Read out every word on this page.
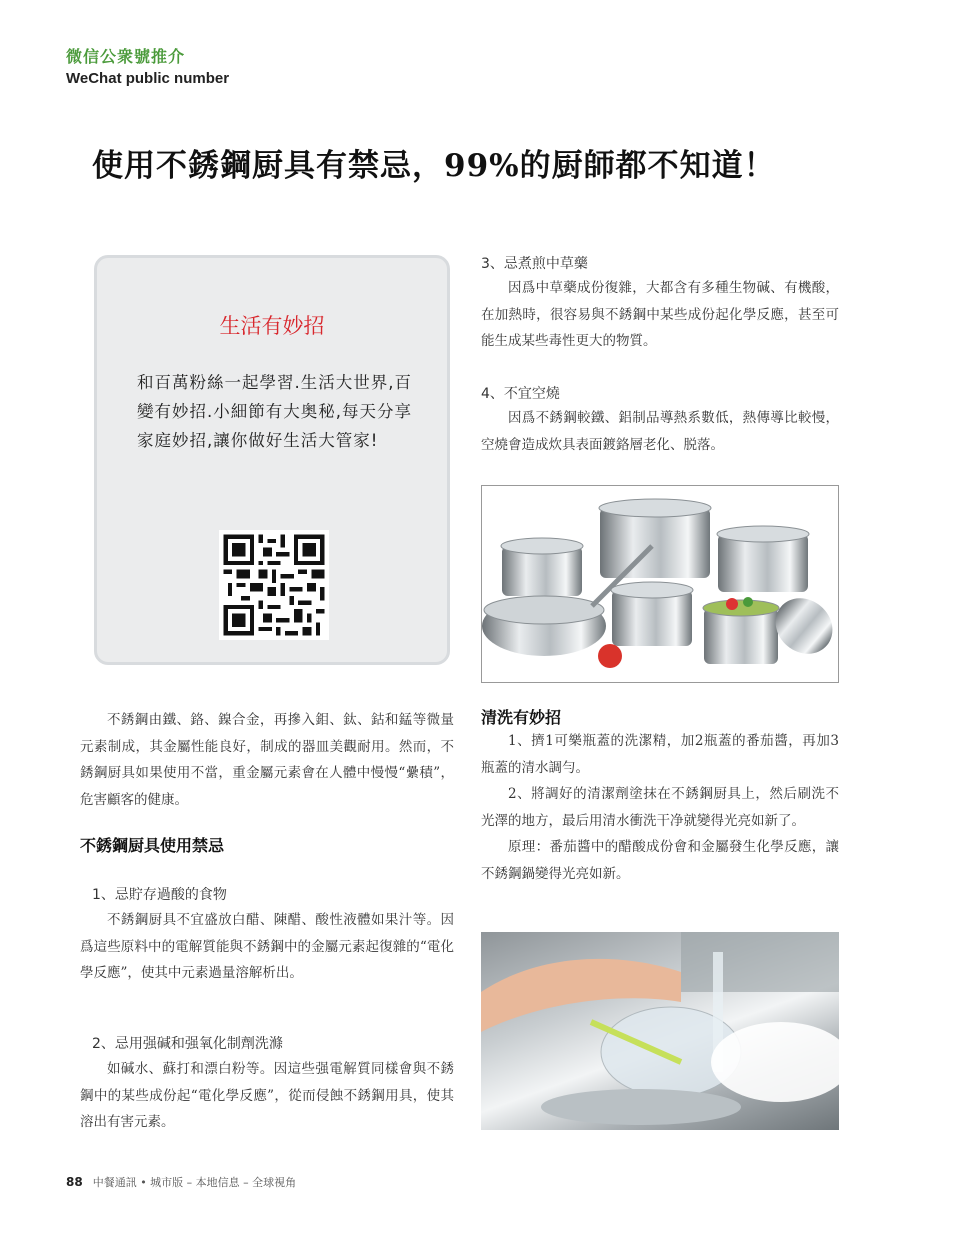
微信公衆號推介
WeChat public number
使用不銹鋼厨具有禁忌，99%的厨師都不知道！
生活有妙招
和百萬粉絲一起學習.生活大世界,百變有妙招.小細節有大奥秘,每天分享家庭妙招,讓你做好生活大管家!

不銹鋼由鐵、鉻、鎳合金，再摻入鉬、鈦、鈷和錳等微量元素制成，其金屬性能良好，制成的器皿美觀耐用。然而，不銹鋼厨具如果使用不當，重金屬元素會在人體中慢慢“纍積”，危害顧客的健康。

不銹鋼厨具使用禁忌
1、忌貯存過酸的食物

不銹鋼厨具不宜盛放白醋、陳醋、酸性液體如果汁等。因爲這些原料中的電解質能與不銹鋼中的金屬元素起復雜的“電化學反應”，使其中元素過量溶解析出。

2、忌用强碱和强氧化制劑洗滌

如碱水、蘇打和漂白粉等。因這些强電解質同樣會與不銹鋼中的某些成份起“電化學反應”，從而侵蝕不銹鋼用具，使其溶出有害元素。

3、忌煮煎中草藥

因爲中草藥成份復雜，大都含有多種生物碱、有機酸，在加熱時，很容易與不銹鋼中某些成份起化學反應，甚至可能生成某些毒性更大的物質。

4、不宜空燒

因爲不銹鋼較鐵、鋁制品導熱系數低，熱傳導比較慢，空燒會造成炊具表面鍍鉻層老化、脱落。

清洗有妙招

1、擠1可樂瓶蓋的洗潔精，加2瓶蓋的番茄醬，再加3瓶蓋的清水調勻。

2、將調好的清潔劑塗抹在不銹鋼厨具上，然后刷洗不光澤的地方，最后用清水衝洗干净就變得光亮如新了。

原理：番茄醬中的醋酸成份會和金屬發生化學反應，讓不銹鋼鍋變得光亮如新。

88 中餐通訊 • 城市版 – 本地信息 – 全球視角
